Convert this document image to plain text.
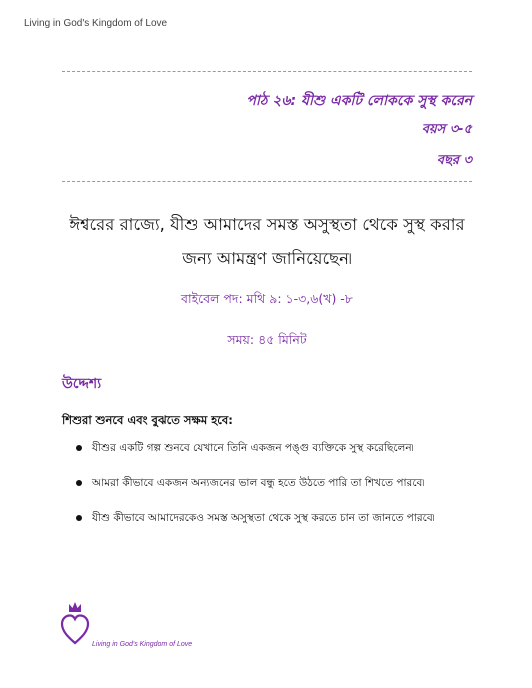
Living in God's Kingdom of Love
পাঠ ২৬: যীশু একটি লোককে সুস্থ করেন
বয়স ৩-৫
বছর ৩
ঈশ্বরের রাজ্যে, যীশু আমাদের সমস্ত অসুস্থতা থেকে সুস্থ করার জন্য আমন্ত্রণ জানিয়েছেন৷
বাইবেল পদ: মথি ৯: ১-৩,৬(খ) -৮
সময়: ৪৫ মিনিট
উদ্দেশ্য
শিশুরা শুনবে এবং বুঝতে সক্ষম হবে:
যীশুর একটি গল্প শুনবে যেখানে তিনি একজন পঙ্গু ব্যক্তিকে সুস্থ করেছিলেন৷
আমরা কীভাবে একজন অন্যজনের ভাল বন্ধু হতে উঠতে পারি তা শিখতে পারবে৷
যীশু কীভাবে আমাদেরকেও সমস্ত অসুস্থতা থেকে সুস্থ করতে চান তা জানতে পারবে৷
Living in God's Kingdom of Love
